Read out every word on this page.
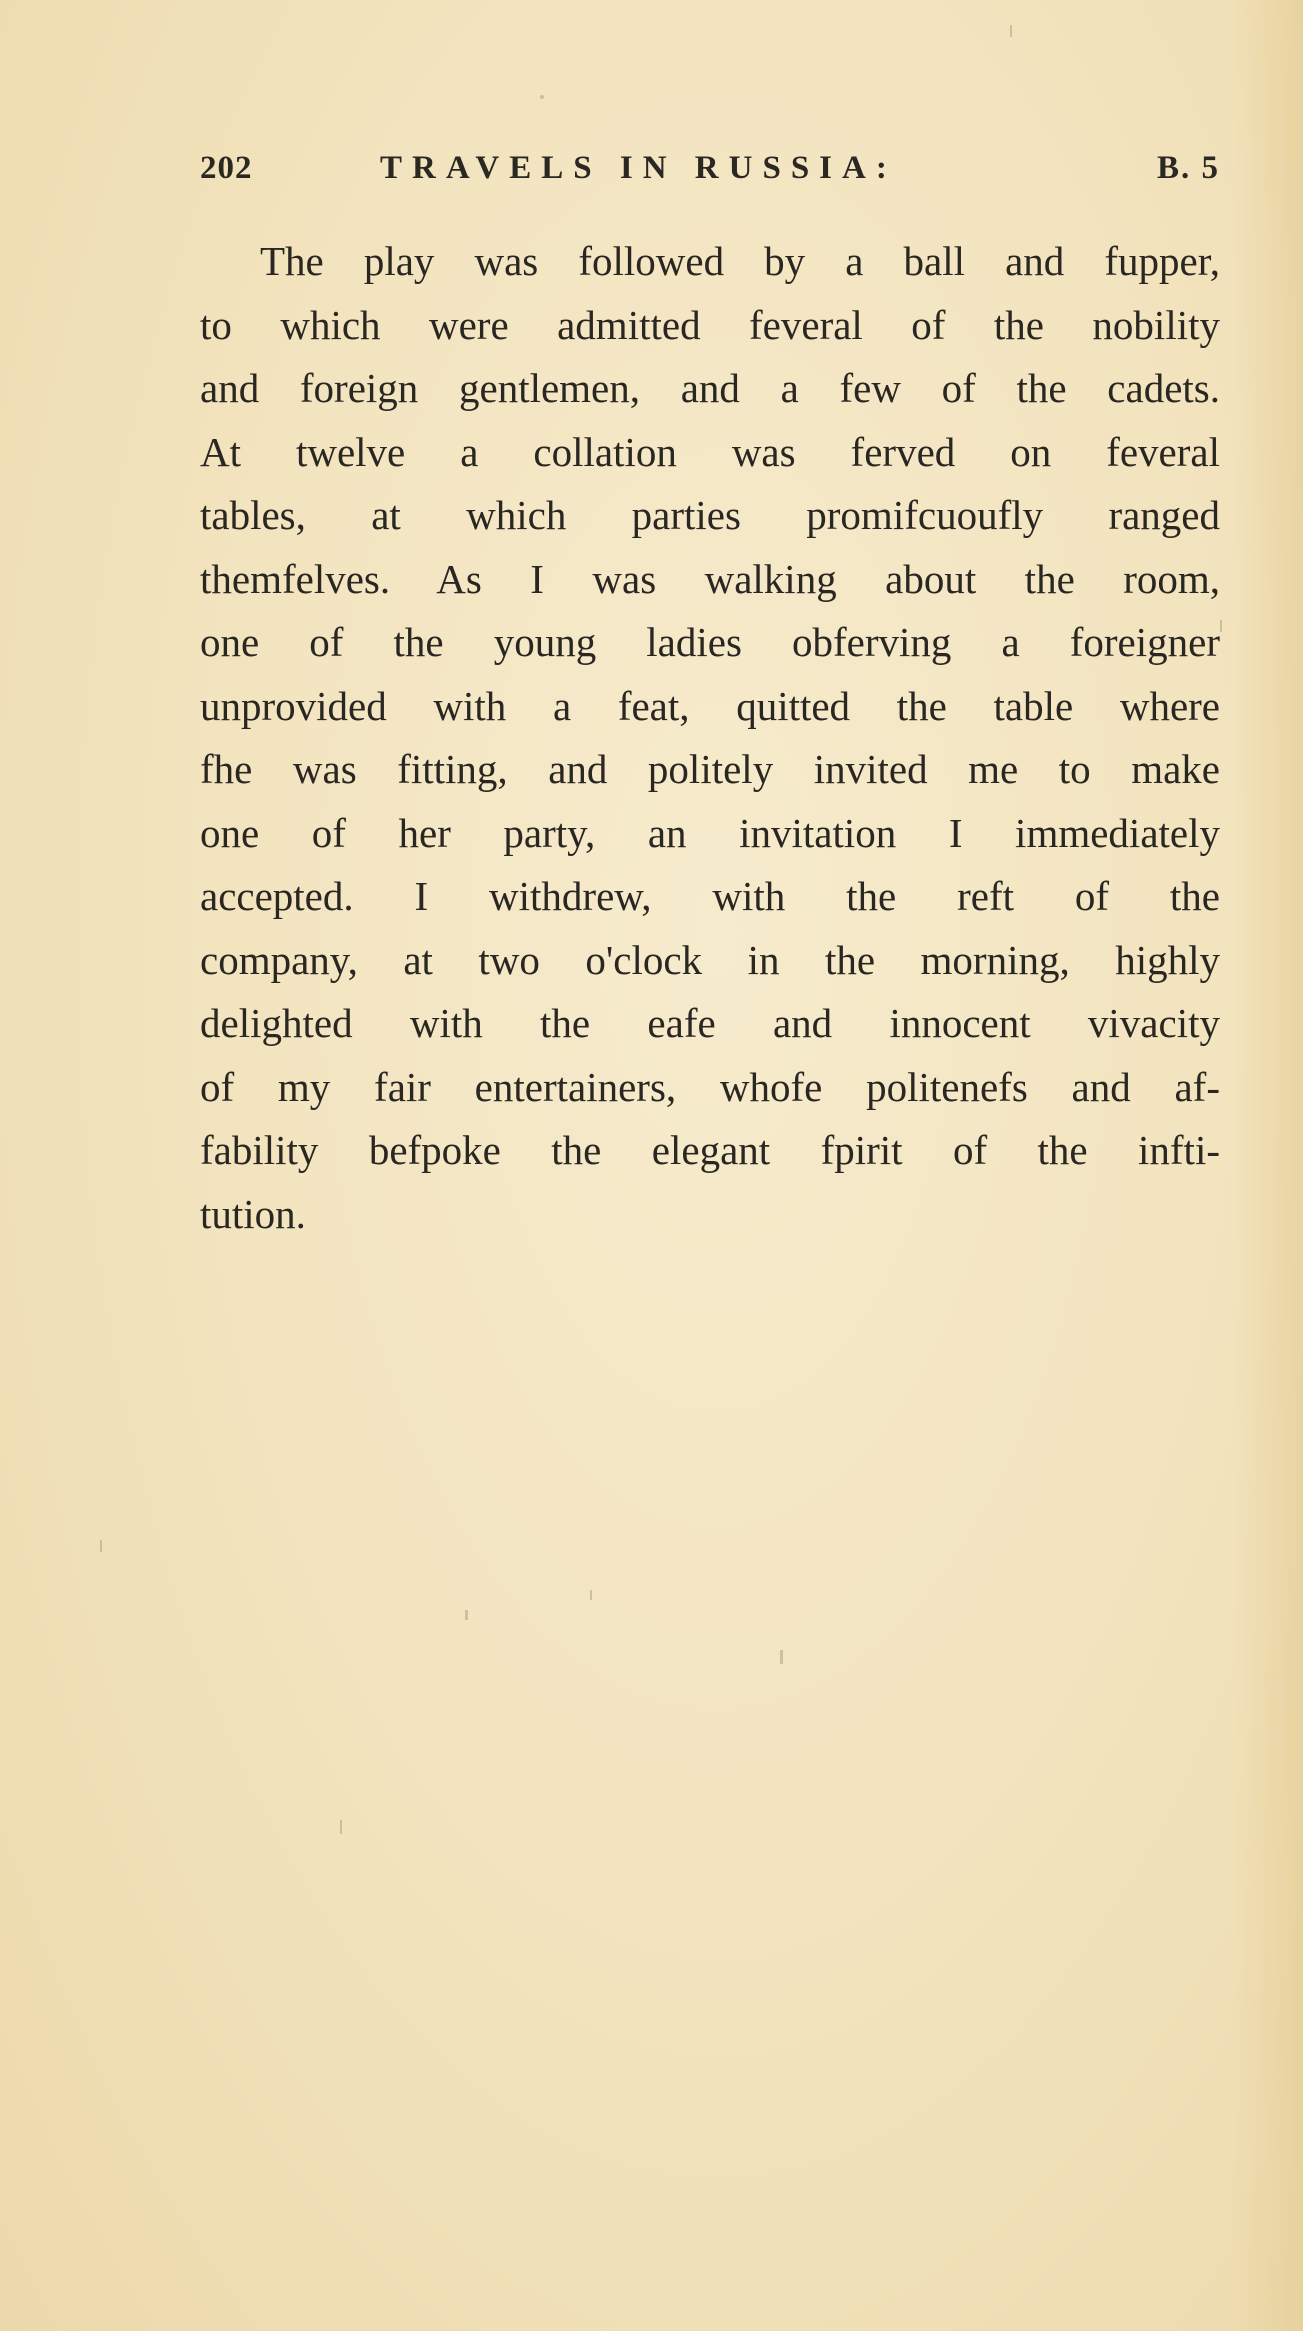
202	TRAVELS IN RUSSIA:	B. 5
The play was followed by a ball and fupper,
to which were admitted feveral of the nobility
and foreign gentlemen, and a few of the cadets.
At twelve a collation was ferved on feveral
tables, at which parties promifcuoufly ranged
themfelves. As I was walking about the room,
one of the young ladies obferving a foreigner
unprovided with a feat, quitted the table where
fhe was fitting, and politely invited me to make
one of her party, an invitation I immediately
accepted. I withdrew, with the reft of the
company, at two o'clock in the morning, highly
delighted with the eafe and innocent vivacity
of my fair entertainers, whofe politenefs and af-
fability befpoke the elegant fpirit of the infti-
tution.
